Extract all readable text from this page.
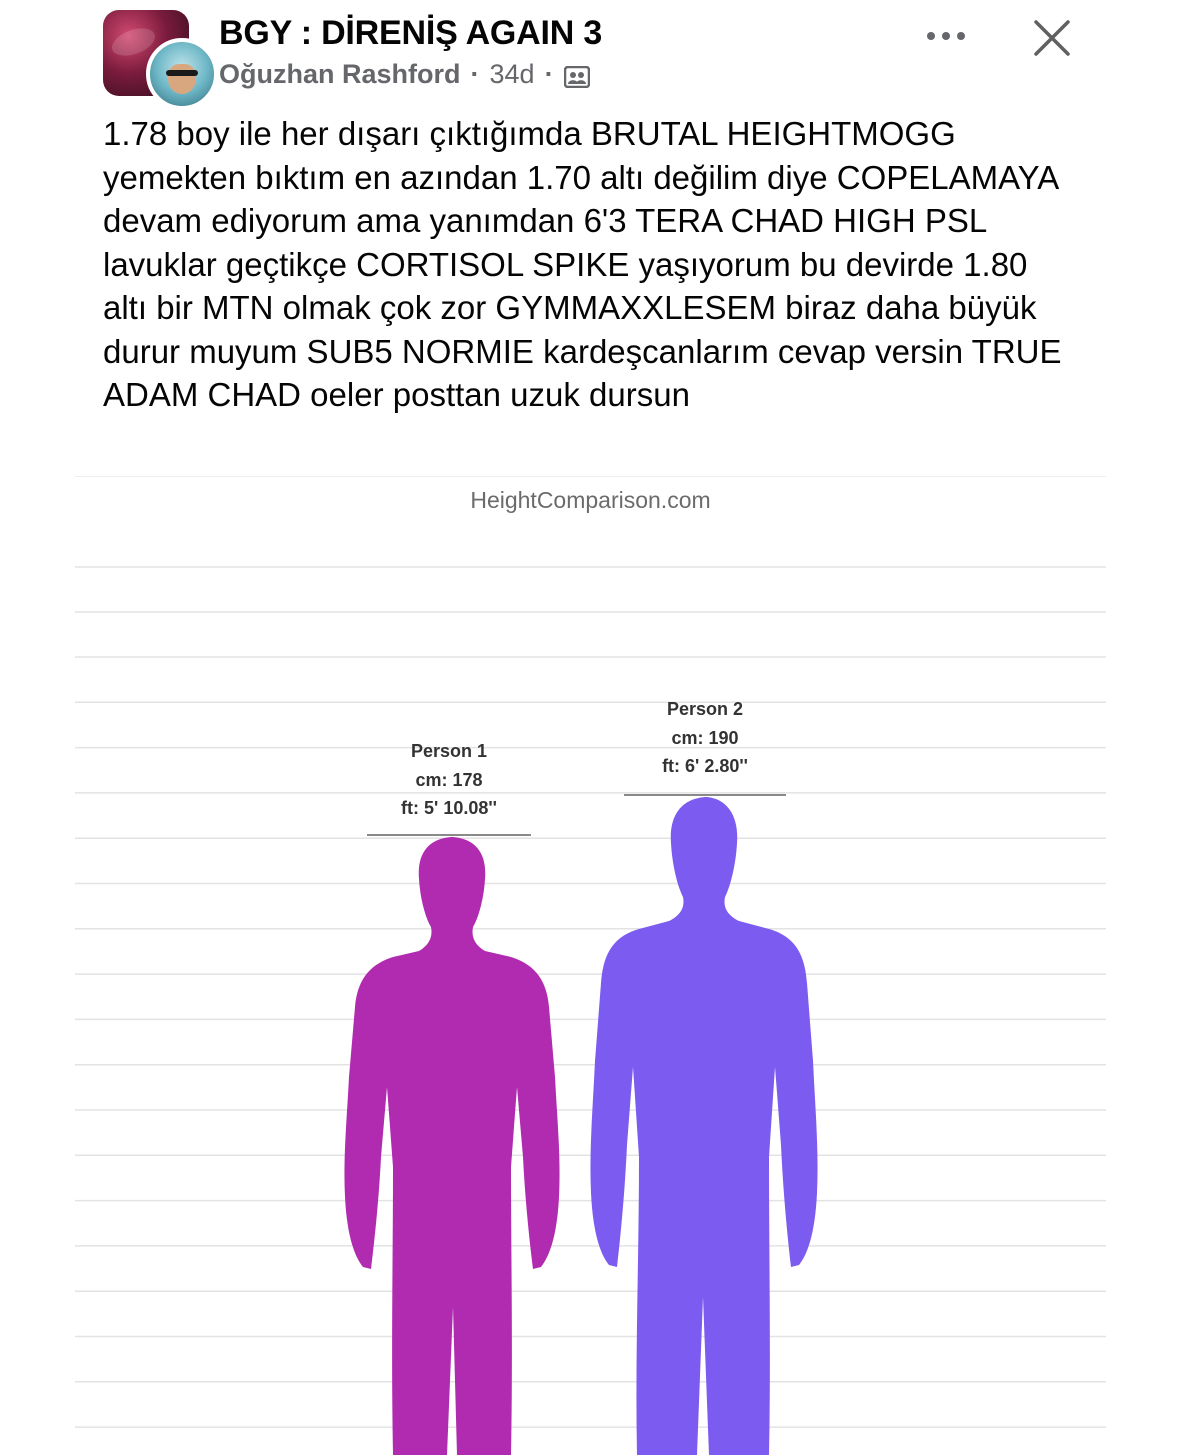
BGY : DİRENİŞ AGAIN 3
Oğuzhan Rashford · 34d ·

1.78 boy ile her dışarı çıktığımda BRUTAL HEIGHTMOGG yemekten bıktım en azından 1.70 altı değilim diye COPELAMAYA devam ediyorum ama yanımdan 6'3 TERA CHAD HIGH PSL lavuklar geçtikçe CORTISOL SPIKE yaşıyorum bu devirde 1.80 altı bir MTN olmak çok zor GYMMAXXLESEM biraz daha büyük durur muyum SUB5 NORMIE kardeşcanlarım cevap versin TRUE ADAM CHAD oeler posttan uzuk dursun

HeightComparison.com
Person 1
cm: 178
ft: 5' 10.08''
Person 2
cm: 190
ft: 6' 2.80''
